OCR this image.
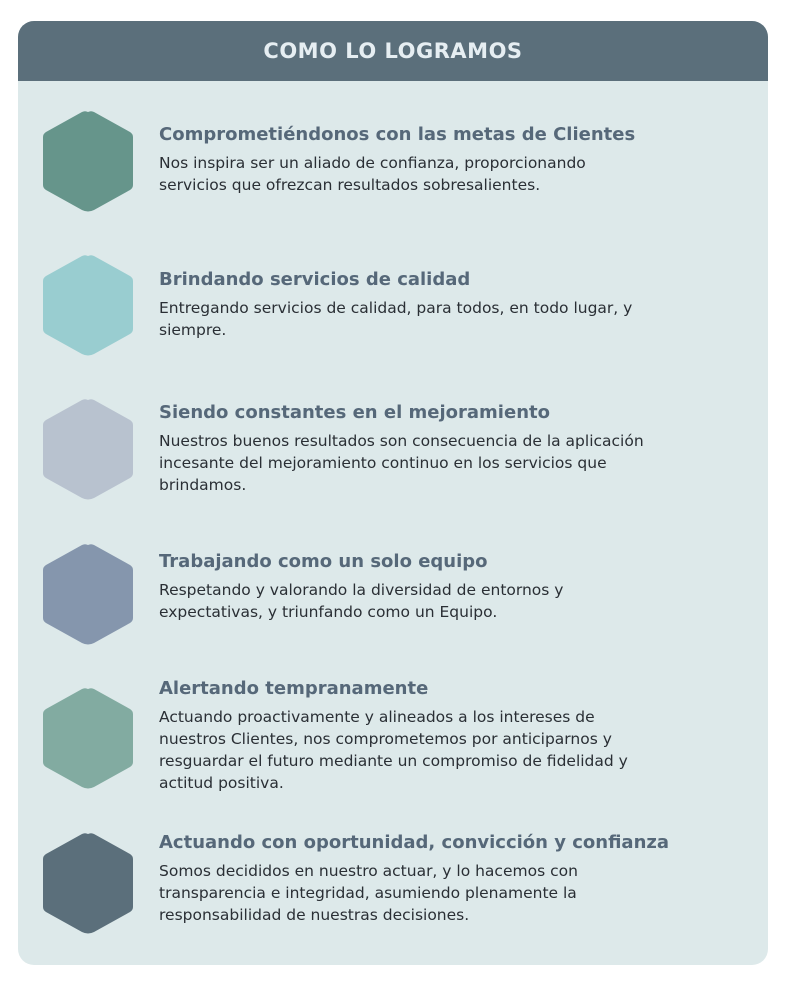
COMO LO LOGRAMOS
Comprometiéndonos con las metas de Clientes
Nos inspira ser un aliado de confianza, proporcionando
servicios que ofrezcan resultados sobresalientes.
Brindando servicios de calidad
Entregando servicios de calidad, para todos, en todo lugar, y
siempre.
Siendo constantes en el mejoramiento
Nuestros buenos resultados son consecuencia de la aplicación
incesante del mejoramiento continuo en los servicios que
brindamos.
Trabajando como un solo equipo
Respetando y valorando la diversidad de entornos y
expectativas, y triunfando como un Equipo.
Alertando tempranamente
Actuando proactivamente y alineados a los intereses de
nuestros Clientes, nos comprometemos por anticiparnos y
resguardar el futuro mediante un compromiso de fidelidad y
actitud positiva.
Actuando con oportunidad, convicción y confianza
Somos decididos en nuestro actuar, y lo hacemos con
transparencia e integridad, asumiendo plenamente la
responsabilidad de nuestras decisiones.
